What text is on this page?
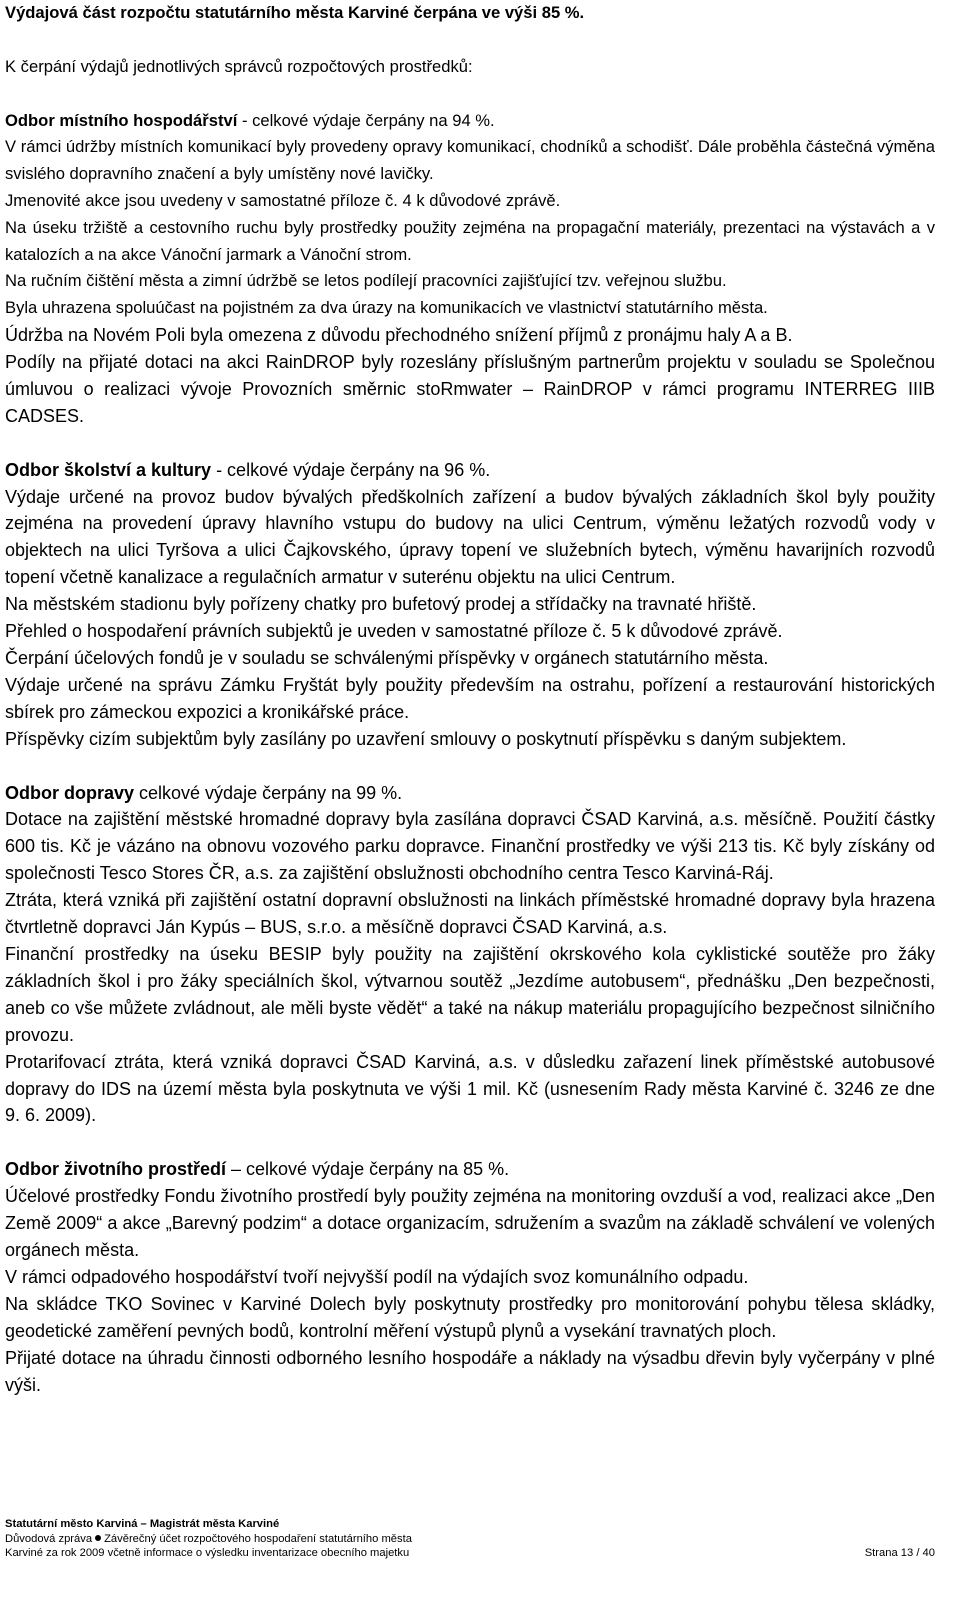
Výdajová část rozpočtu statutárního města Karviné čerpána ve výši 85 %.

K čerpání výdajů jednotlivých správců rozpočtových prostředků:

Odbor místního hospodářství - celkové výdaje čerpány na 94 %.

V rámci údržby místních komunikací byly provedeny opravy komunikací, chodníků a schodišť. Dále proběhla částečná výměna svislého dopravního značení a byly umístěny nové lavičky.

Jmenovité akce jsou uvedeny v samostatné příloze č. 4 k důvodové zprávě.

Na úseku tržiště a cestovního ruchu byly prostředky použity zejména na propagační materiály, prezentaci na výstavách a v katalozích a na akce Vánoční jarmark a Vánoční strom.

Na ručním čištění města a zimní údržbě se letos podílejí pracovníci zajišťující tzv. veřejnou službu.

Byla uhrazena spoluúčast na pojistném za dva úrazy na komunikacích ve vlastnictví statutárního města.

Údržba na Novém Poli byla omezena z důvodu přechodného snížení příjmů z pronájmu haly A a B.

Podíly na přijaté dotaci na akci RainDROP byly rozeslány příslušným partnerům projektu v souladu se Společnou úmluvou o realizaci vývoje Provozních směrnic stoRmwater – RainDROP v rámci programu INTERREG IIIB CADSES.

Odbor školství a kultury - celkové výdaje čerpány na 96 %.

Výdaje určené na provoz budov bývalých předškolních zařízení a budov bývalých základních škol byly použity zejména na provedení úpravy hlavního vstupu do budovy na ulici Centrum, výměnu ležatých rozvodů vody v objektech na ulici Tyršova a ulici Čajkovského, úpravy topení ve služebních bytech, výměnu havarijních rozvodů topení včetně kanalizace a regulačních armatur v suterénu objektu na ulici Centrum.

Na městském stadionu byly pořízeny chatky pro bufetový prodej a střídačky na travnaté hřiště.

Přehled o hospodaření právních subjektů je uveden v samostatné příloze č. 5 k důvodové zprávě.

Čerpání účelových fondů je v souladu se schválenými příspěvky v orgánech statutárního města.

Výdaje určené na správu Zámku Fryštát byly použity především na ostrahu, pořízení a restaurování historických sbírek pro zámeckou expozici a kronikářské práce.

Příspěvky cizím subjektům byly zasílány po uzavření smlouvy o poskytnutí příspěvku s daným subjektem.

Odbor dopravy celkové výdaje čerpány na 99 %.

Dotace na zajištění městské hromadné dopravy byla zasílána dopravci ČSAD Karviná, a.s. měsíčně. Použití částky 600 tis. Kč je vázáno na obnovu vozového parku dopravce. Finanční prostředky ve výši 213 tis. Kč byly získány od společnosti Tesco Stores ČR, a.s. za zajištění obslužnosti obchodního centra Tesco Karviná-Ráj.

Ztráta, která vzniká při zajištění ostatní dopravní obslužnosti na linkách příměstské hromadné dopravy byla hrazena čtvrtletně dopravci Ján Kypús – BUS, s.r.o. a měsíčně dopravci ČSAD Karviná, a.s.

Finanční prostředky na úseku BESIP byly použity na zajištění okrskového kola cyklistické soutěže pro žáky základních škol i pro žáky speciálních škol, výtvarnou soutěž „Jezdíme autobusem“, přednášku „Den bezpečnosti, aneb co vše můžete zvládnout, ale měli byste vědět“ a také na nákup materiálu propagujícího bezpečnost silničního provozu.

Protarifovací ztráta, která vzniká dopravci ČSAD Karviná, a.s. v důsledku zařazení linek příměstské autobusové dopravy do IDS na území města byla poskytnuta ve výši 1 mil. Kč (usnesením Rady města Karviné č. 3246 ze dne 9. 6. 2009).

Odbor životního prostředí – celkové výdaje čerpány na 85 %.

Účelové prostředky Fondu životního prostředí byly použity zejména na monitoring ovzduší a vod, realizaci akce „Den Země 2009“ a akce „Barevný podzim“ a dotace organizacím, sdružením a svazům na základě schválení ve volených orgánech města.

V rámci odpadového hospodářství tvoří nejvyšší podíl na výdajích svoz komunálního odpadu.

Na skládce TKO Sovinec v Karviné Dolech byly poskytnuty prostředky pro monitorování pohybu tělesa skládky, geodetické zaměření pevných bodů, kontrolní měření výstupů plynů a vysekání travnatých ploch.

Přijaté dotace na úhradu činnosti odborného lesního hospodáře a náklady na výsadbu dřevin byly vyčerpány v plné výši.

Statutární město Karviná – Magistrát města Karviné
Důvodová zpráva Závěrečný účet rozpočtového hospodaření statutárního města
Karviné za rok 2009 včetně informace o výsledku inventarizace obecního majetku	Strana 13 / 40
